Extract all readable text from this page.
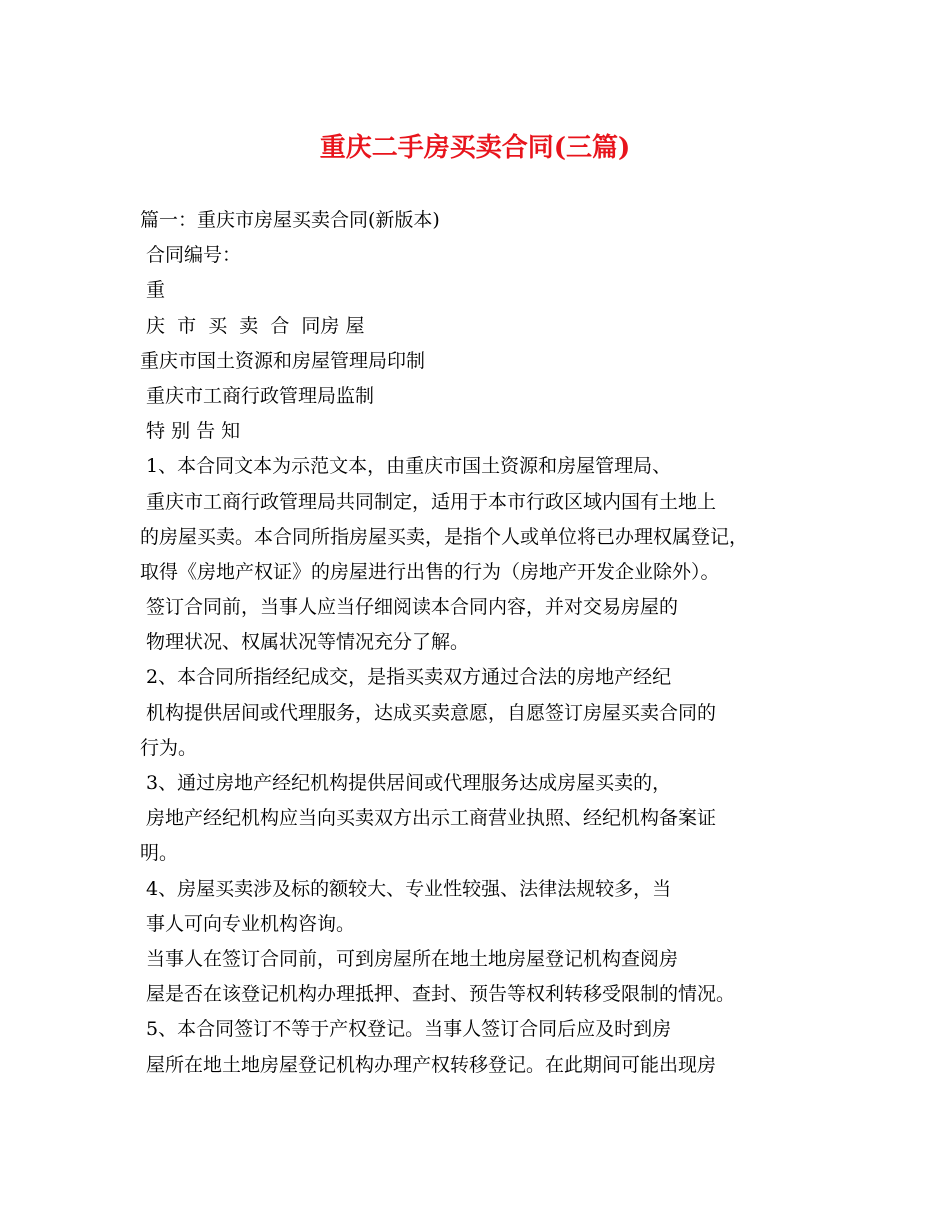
重庆二手房买卖合同(三篇)
篇一：重庆市房屋买卖合同(新版本)
合同编号：
重
庆  市  买  卖  合  同房 屋
重庆市国土资源和房屋管理局印制
重庆市工商行政管理局监制
特 别 告 知
1、本合同文本为示范文本，由重庆市国土资源和房屋管理局、
重庆市工商行政管理局共同制定，适用于本市行政区域内国有土地上
的房屋买卖。本合同所指房屋买卖，是指个人或单位将已办理权属登记，
取得《房地产权证》的房屋进行出售的行为（房地产开发企业除外）。
签订合同前，当事人应当仔细阅读本合同内容，并对交易房屋的
物理状况、权属状况等情况充分了解。
2、本合同所指经纪成交，是指买卖双方通过合法的房地产经纪
机构提供居间或代理服务，达成买卖意愿，自愿签订房屋买卖合同的
行为。
3、通过房地产经纪机构提供居间或代理服务达成房屋买卖的，
房地产经纪机构应当向买卖双方出示工商营业执照、经纪机构备案证
明。
4、房屋买卖涉及标的额较大、专业性较强、法律法规较多，当
事人可向专业机构咨询。
当事人在签订合同前，可到房屋所在地土地房屋登记机构查阅房
屋是否在该登记机构办理抵押、查封、预告等权利转移受限制的情况。
5、本合同签订不等于产权登记。当事人签订合同后应及时到房
屋所在地土地房屋登记机构办理产权转移登记。在此期间可能出现房
